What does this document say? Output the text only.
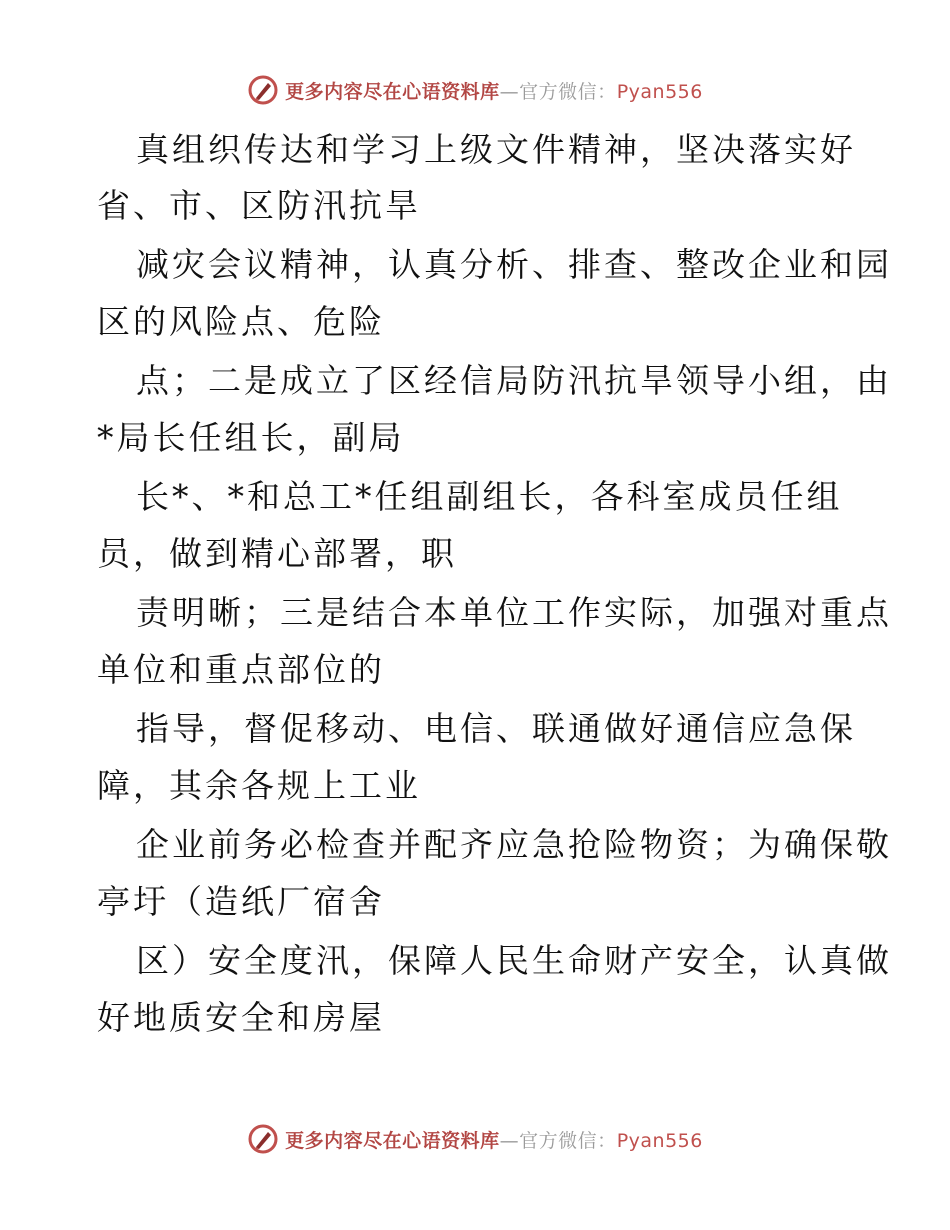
更多内容尽在心语资料库—官方微信：Pyan556
真组织传达和学习上级文件精神，坚决落实好
省、市、区防汛抗旱
减灾会议精神，认真分析、排查、整改企业和园
区的风险点、危险
点；二是成立了区经信局防汛抗旱领导小组，由
*局长任组长，副局
长*、*和总工*任组副组长，各科室成员任组
员，做到精心部署，职
责明晰；三是结合本单位工作实际，加强对重点
单位和重点部位的
指导，督促移动、电信、联通做好通信应急保
障，其余各规上工业
企业前务必检查并配齐应急抢险物资；为确保敬
亭圩（造纸厂宿舍
区）安全度汛，保障人民生命财产安全，认真做
好地质安全和房屋
更多内容尽在心语资料库—官方微信：Pyan556
